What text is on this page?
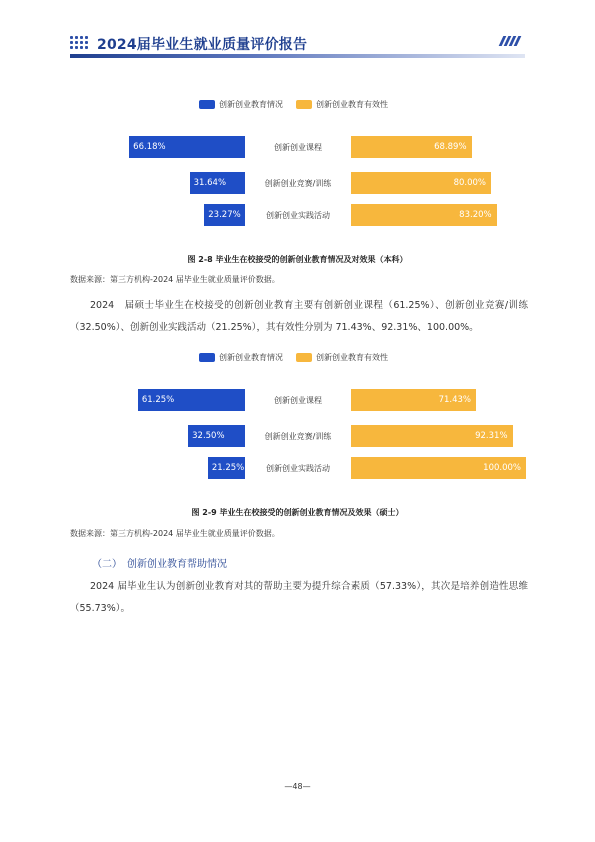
2024届毕业生就业质量评价报告
创新创业教育情况	创新创业教育有效性
66.18%	创新创业课程	68.89%
31.64%	创新创业竞赛/训练	80.00%
23.27%	创新创业实践活动	83.20%
图 2-8 毕业生在校接受的创新创业教育情况及对效果（本科）
数据来源：第三方机构-2024 届毕业生就业质量评价数据。
2024　届硕士毕业生在校接受的创新创业教育主要有创新创业课程（61.25%）、创新创业竞赛/训练（32.50%）、创新创业实践活动（21.25%），其有效性分别为 71.43%、92.31%、100.00%。
创新创业教育情况	创新创业教育有效性
61.25%	创新创业课程	71.43%
32.50%	创新创业竞赛/训练	92.31%
21.25%	创新创业实践活动	100.00%
图 2-9 毕业生在校接受的创新创业教育情况及效果（硕士）
数据来源：第三方机构-2024 届毕业生就业质量评价数据。
（二）　创新创业教育帮助情况
2024 届毕业生认为创新创业教育对其的帮助主要为提升综合素质（57.33%），其次是培养创造性思维（55.73%）。
—48—
